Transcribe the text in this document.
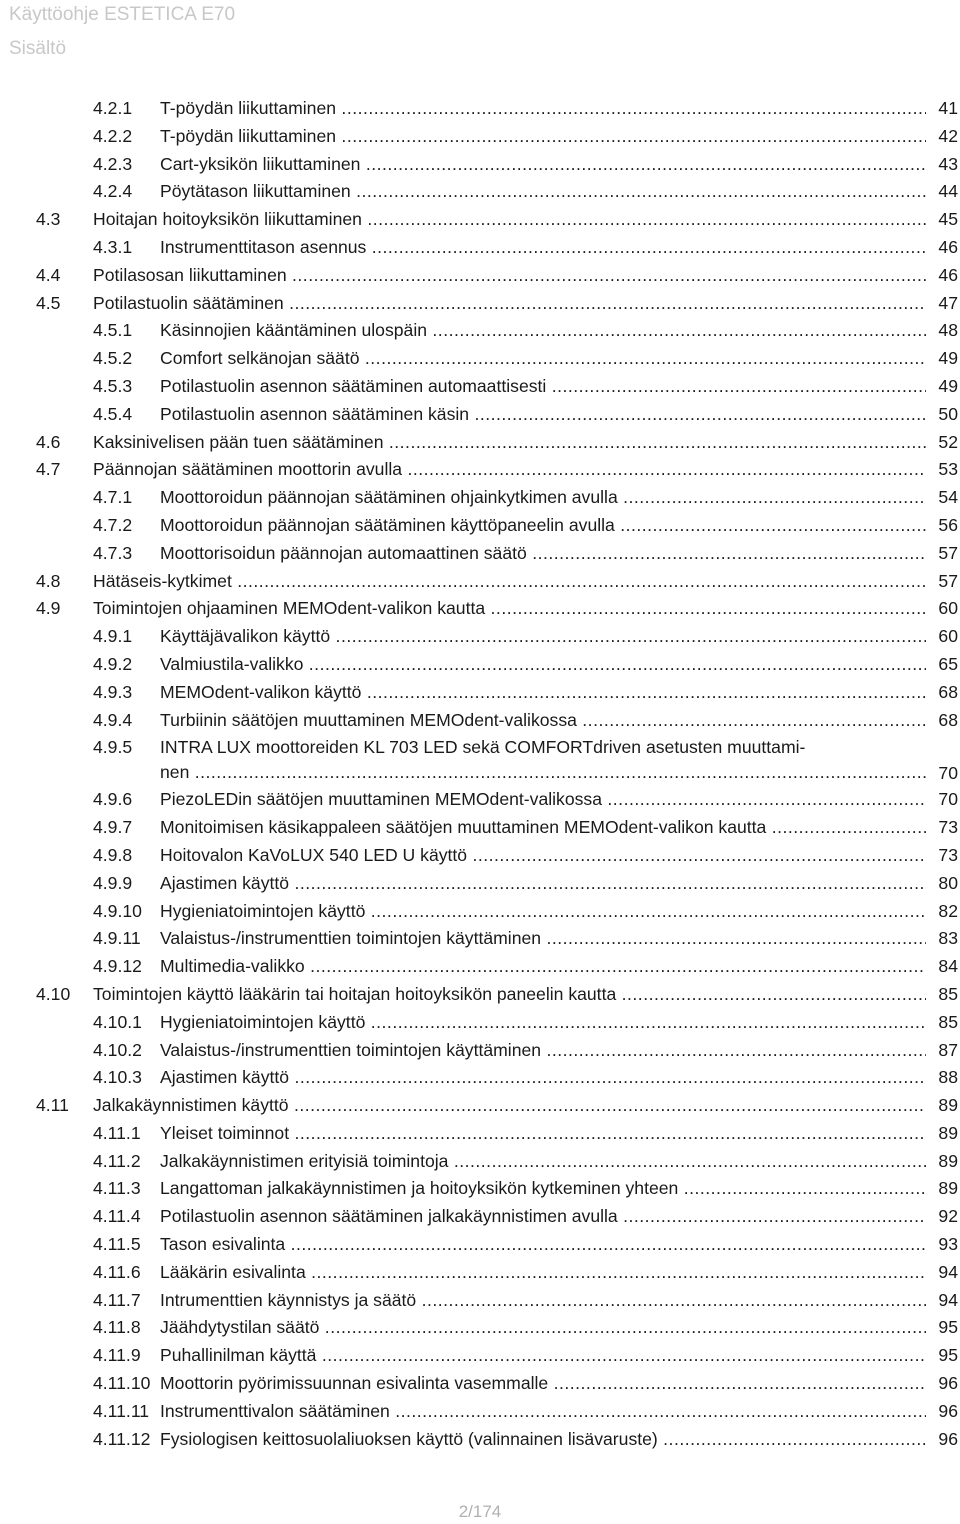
Käyttöohje ESTETICA E70
Sisältö
4.2.1 T-pöydän liikuttaminen .....	41
4.2.2 T-pöydän liikuttaminen .....	42
4.2.3 Cart-yksikön liikuttaminen .....	43
4.2.4 Pöytätason liikuttaminen .....	44
4.3 Hoitajan hoitoyksikön liikuttaminen .....	45
4.3.1 Instrumenttitason asennus .....	46
4.4 Potilasosan liikuttaminen .....	46
4.5 Potilastuolin säätäminen .....	47
4.5.1 Käsinnojien kääntäminen ulospäin .....	48
4.5.2 Comfort selkänojan säätö .....	49
4.5.3 Potilastuolin asennon säätäminen automaattisesti .....	49
4.5.4 Potilastuolin asennon säätäminen käsin .....	50
4.6 Kaksinivelisen pään tuen säätäminen .....	52
4.7 Päännojan säätäminen moottorin avulla .....	53
4.7.1 Moottoroidun päännojan säätäminen ohjainkytkimen avulla .....	54
4.7.2 Moottoroidun päännojan säätäminen käyttöpaneelin avulla .....	56
4.7.3 Moottorisoidun päännojan automaattinen säätö .....	57
4.8 Hätäseis-kytkimet .....	57
4.9 Toimintojen ohjaaminen MEMOdent-valikon kautta .....	60
4.9.1 Käyttäjävalikon käyttö .....	60
4.9.2 Valmiustila-valikko .....	65
4.9.3 MEMOdent-valikon käyttö .....	68
4.9.4 Turbiinin säätöjen muuttaminen MEMOdent-valikossa .....	68
4.9.5 INTRA LUX moottoreiden KL 703 LED sekä COMFORTdriven asetusten muuttami-
nen .....	70
4.9.6 PiezoLEDin säätöjen muuttaminen MEMOdent-valikossa .....	70
4.9.7 Monitoimisen käsikappaleen säätöjen muuttaminen MEMOdent-valikon kautta .....	73
4.9.8 Hoitovalon KaVoLUX 540 LED U käyttö .....	73
4.9.9 Ajastimen käyttö .....	80
4.9.10 Hygieniatoimintojen käyttö .....	82
4.9.11 Valaistus-/instrumenttien toimintojen käyttäminen .....	83
4.9.12 Multimedia-valikko .....	84
4.10 Toimintojen käyttö lääkärin tai hoitajan hoitoyksikön paneelin kautta .....	85
4.10.1 Hygieniatoimintojen käyttö .....	85
4.10.2 Valaistus-/instrumenttien toimintojen käyttäminen .....	87
4.10.3 Ajastimen käyttö .....	88
4.11 Jalkakäynnistimen käyttö .....	89
4.11.1 Yleiset toiminnot .....	89
4.11.2 Jalkakäynnistimen erityisiä toimintoja .....	89
4.11.3 Langattoman jalkakäynnistimen ja hoitoyksikön kytkeminen yhteen .....	89
4.11.4 Potilastuolin asennon säätäminen jalkakäynnistimen avulla .....	92
4.11.5 Tason esivalinta .....	93
4.11.6 Lääkärin esivalinta .....	94
4.11.7 Intrumenttien käynnistys ja säätö .....	94
4.11.8 Jäähdytystilan säätö .....	95
4.11.9 Puhallinilman käyttä .....	95
4.11.10 Moottorin pyörimissuunnan esivalinta vasemmalle .....	96
4.11.11 Instrumenttivalon säätäminen .....	96
4.11.12 Fysiologisen keittosuolaliuoksen käyttö (valinnainen lisävaruste) .....	96
2/174
